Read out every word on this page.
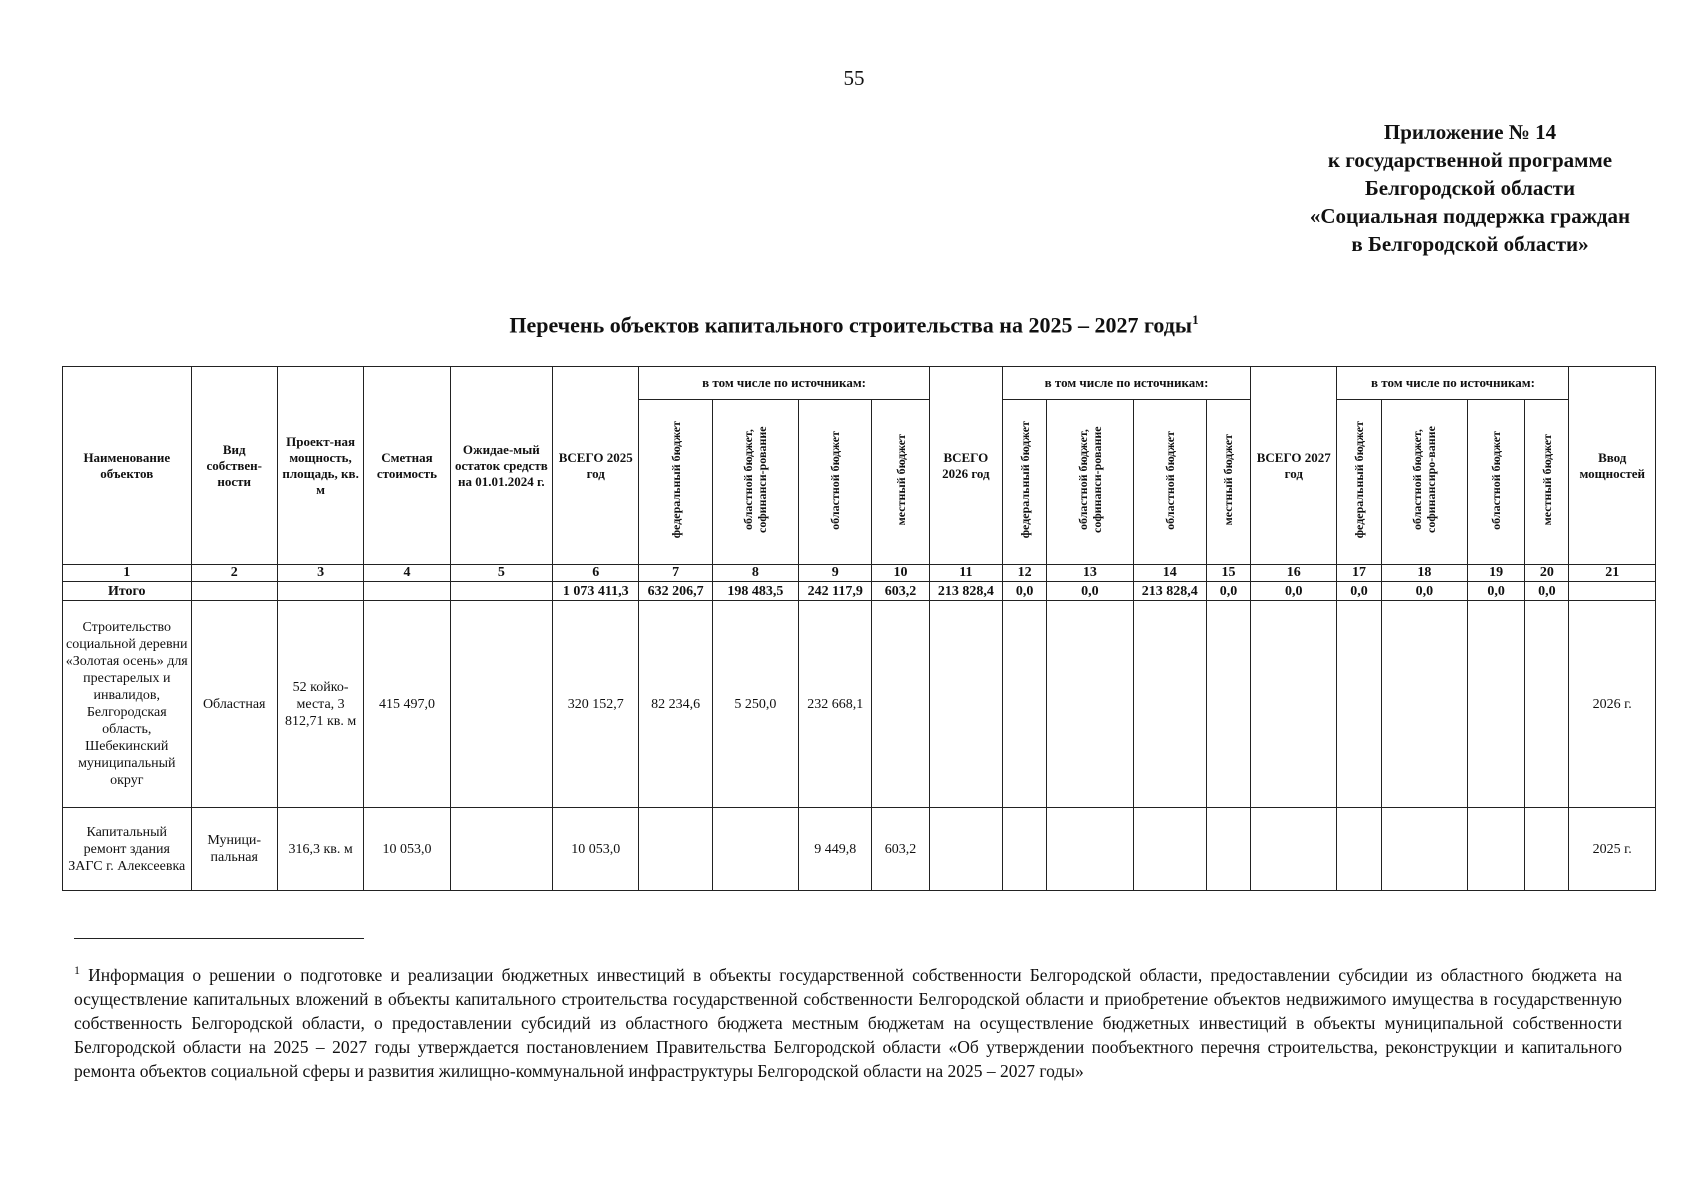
55
Приложение № 14
к государственной программе
Белгородской области
«Социальная поддержка граждан
в Белгородской области»
Перечень объектов капитального строительства на 2025 – 2027 годы$^1$
Наименование объектов	Вид собствен-ности	Проект-ная мощность, площадь, кв. м	Сметная стоимость	Ожидае-мый остаток средств на 01.01.2024 г.	ВСЕГО 2025 год	в том числе по источникам:				ВСЕГО 2026 год	в том числе по источникам:				ВСЕГО 2027 год	в том числе по источникам:				Ввод мощностей
						федеральный бюджет	областной бюджет, софинанси-рование	областной бюджет	местный бюджет		федеральный бюджет	областной бюджет, софинанси-рование	областной бюджет	местный бюджет		федеральный бюджет	областной бюджет, софинансиро-вание	областной бюджет	местный бюджет	
1	2	3	4	5	6	7	8	9	10	11	12	13	14	15	16	17	18	19	20	21
Итого					1 073 411,3	632 206,7	198 483,5	242 117,9	603,2	213 828,4	0,0	0,0	213 828,4	0,0	0,0	0,0	0,0	0,0	0,0	
Строительство социальной деревни «Золотая осень» для престарелых и инвалидов, Белгородская область, Шебекинский муниципальный округ	Областная	52 койко-места, 3 812,71 кв. м	415 497,0		320 152,7	82 234,6	5 250,0	232 668,1												2026 г.
Капитальный ремонт здания ЗАГС г. Алексеевка	Муници-пальная	316,3 кв. м	10 053,0		10 053,0			9 449,8	603,2											2025 г.
$^1$ Информация о решении о подготовке и реализации бюджетных инвестиций в объекты государственной собственности Белгородской области, предоставлении субсидии из областного бюджета на осуществление капитальных вложений в объекты капитального строительства государственной собственности Белгородской области и приобретение объектов недвижимого имущества в государственную собственность Белгородской области, о предоставлении субсидий из областного бюджета местным бюджетам на осуществление бюджетных инвестиций в объекты муниципальной собственности Белгородской области на 2025 – 2027 годы утверждается постановлением Правительства Белгородской области «Об утверждении пообъектного перечня строительства, реконструкции и капитального ремонта объектов социальной сферы и развития жилищно-коммунальной инфраструктуры Белгородской области на 2025 – 2027 годы»
